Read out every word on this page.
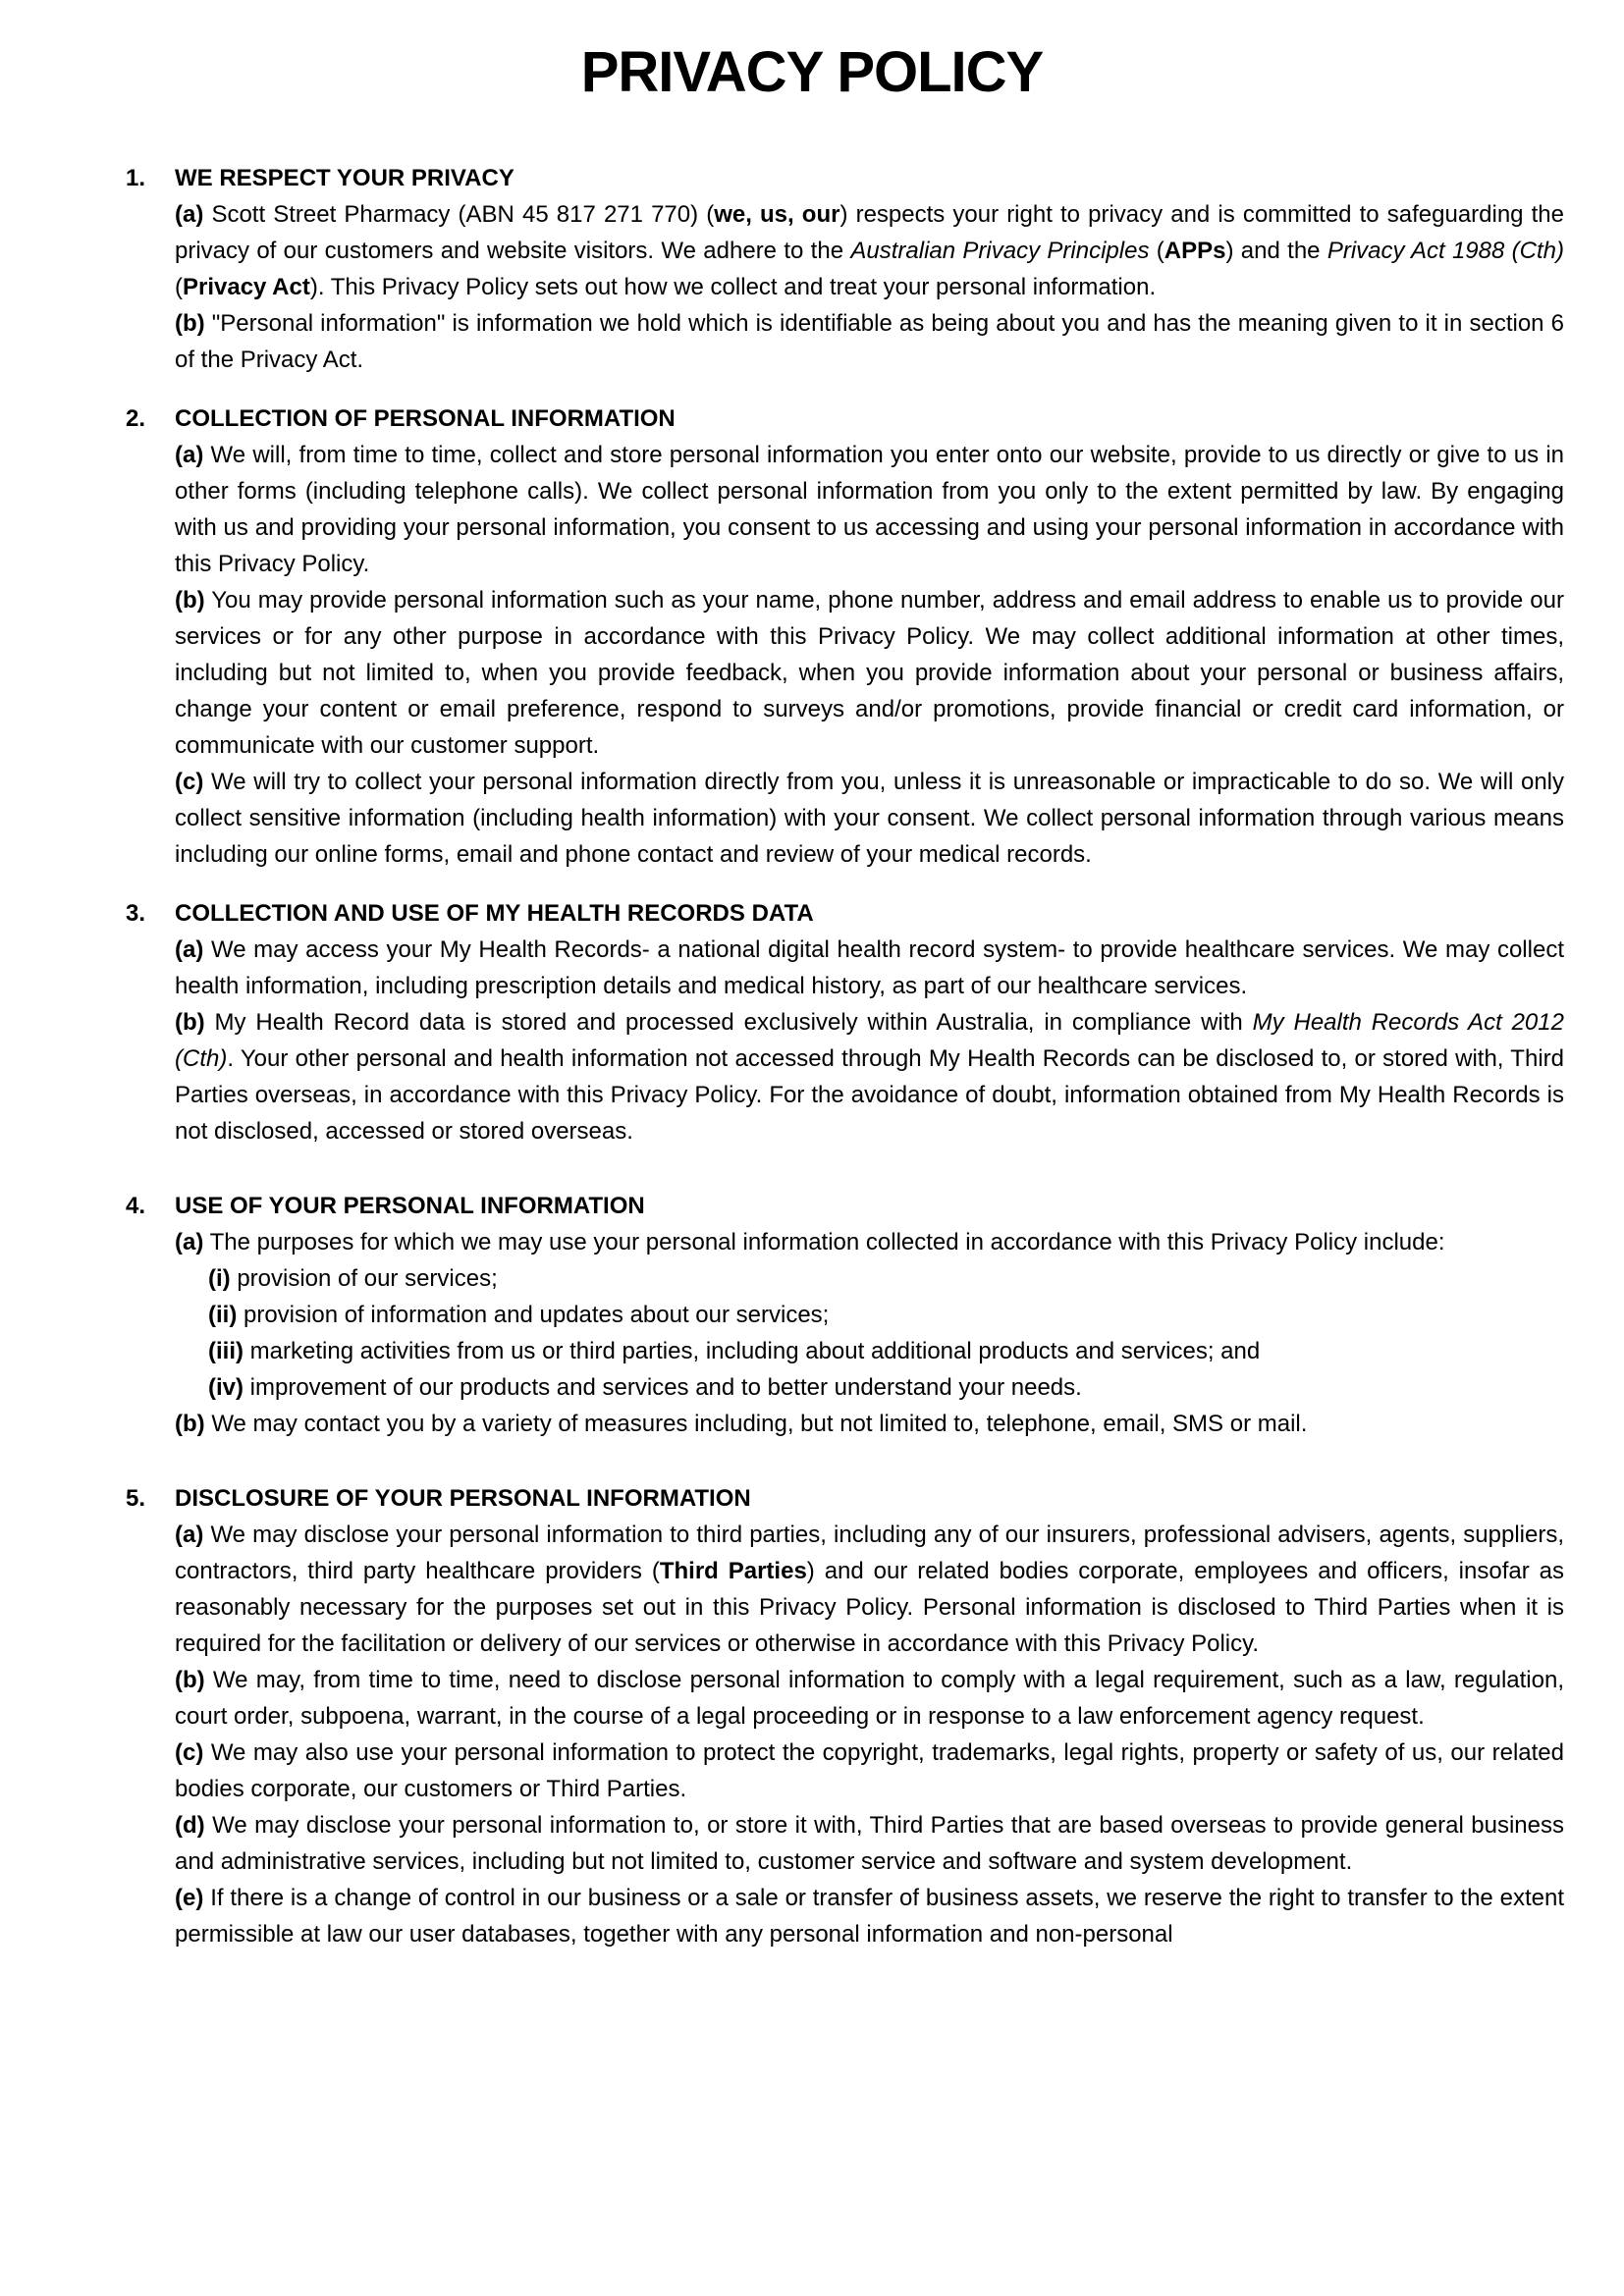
PRIVACY POLICY
1. WE RESPECT YOUR PRIVACY

(a) Scott Street Pharmacy (ABN 45 817 271 770) (we, us, our) respects your right to privacy and is committed to safeguarding the privacy of our customers and website visitors. We adhere to the Australian Privacy Principles (APPs) and the Privacy Act 1988 (Cth) (Privacy Act). This Privacy Policy sets out how we collect and treat your personal information.

(b) "Personal information" is information we hold which is identifiable as being about you and has the meaning given to it in section 6 of the Privacy Act.

2. COLLECTION OF PERSONAL INFORMATION

(a) We will, from time to time, collect and store personal information you enter onto our website, provide to us directly or give to us in other forms (including telephone calls). We collect personal information from you only to the extent permitted by law. By engaging with us and providing your personal information, you consent to us accessing and using your personal information in accordance with this Privacy Policy.

(b) You may provide personal information such as your name, phone number, address and email address to enable us to provide our services or for any other purpose in accordance with this Privacy Policy. We may collect additional information at other times, including but not limited to, when you provide feedback, when you provide information about your personal or business affairs, change your content or email preference, respond to surveys and/or promotions, provide financial or credit card information, or communicate with our customer support.

(c) We will try to collect your personal information directly from you, unless it is unreasonable or impracticable to do so. We will only collect sensitive information (including health information) with your consent. We collect personal information through various means including our online forms, email and phone contact and review of your medical records.

3. COLLECTION AND USE OF MY HEALTH RECORDS DATA

(a) We may access your My Health Records- a national digital health record system- to provide healthcare services. We may collect health information, including prescription details and medical history, as part of our healthcare services.

(b) My Health Record data is stored and processed exclusively within Australia, in compliance with My Health Records Act 2012 (Cth). Your other personal and health information not accessed through My Health Records can be disclosed to, or stored with, Third Parties overseas, in accordance with this Privacy Policy. For the avoidance of doubt, information obtained from My Health Records is not disclosed, accessed or stored overseas.

4. USE OF YOUR PERSONAL INFORMATION

(a) The purposes for which we may use your personal information collected in accordance with this Privacy Policy include:

(i) provision of our services;

(ii) provision of information and updates about our services;

(iii) marketing activities from us or third parties, including about additional products and services; and

(iv) improvement of our products and services and to better understand your needs.

(b) We may contact you by a variety of measures including, but not limited to, telephone, email, SMS or mail.

5. DISCLOSURE OF YOUR PERSONAL INFORMATION

(a) We may disclose your personal information to third parties, including any of our insurers, professional advisers, agents, suppliers, contractors, third party healthcare providers (Third Parties) and our related bodies corporate, employees and officers, insofar as reasonably necessary for the purposes set out in this Privacy Policy. Personal information is disclosed to Third Parties when it is required for the facilitation or delivery of our services or otherwise in accordance with this Privacy Policy.

(b) We may, from time to time, need to disclose personal information to comply with a legal requirement, such as a law, regulation, court order, subpoena, warrant, in the course of a legal proceeding or in response to a law enforcement agency request.

(c) We may also use your personal information to protect the copyright, trademarks, legal rights, property or safety of us, our related bodies corporate, our customers or Third Parties.

(d) We may disclose your personal information to, or store it with, Third Parties that are based overseas to provide general business and administrative services, including but not limited to, customer service and software and system development.

(e) If there is a change of control in our business or a sale or transfer of business assets, we reserve the right to transfer to the extent permissible at law our user databases, together with any personal information and non-personal
